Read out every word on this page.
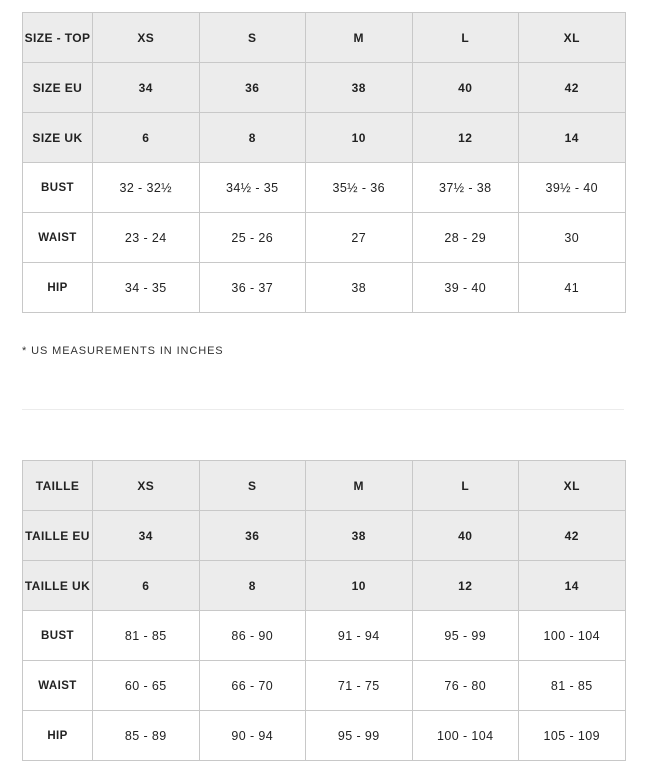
SIZE - TOP	XS	S	M	L	XL
SIZE EU	34	36	38	40	42
SIZE UK	6	8	10	12	14
BUST	32 - 32½	34½ - 35	35½ - 36	37½ - 38	39½ - 40
WAIST	23 - 24	25 - 26	27	28 - 29	30
HIP	34 - 35	36 - 37	38	39 - 40	41
* US MEASUREMENTS IN INCHES
TAILLE	XS	S	M	L	XL
TAILLE EU	34	36	38	40	42
TAILLE UK	6	8	10	12	14
BUST	81 - 85	86 - 90	91 - 94	95 - 99	100 - 104
WAIST	60 - 65	66 - 70	71 - 75	76 - 80	81 - 85
HIP	85 - 89	90 - 94	95 - 99	100 - 104	105 - 109
